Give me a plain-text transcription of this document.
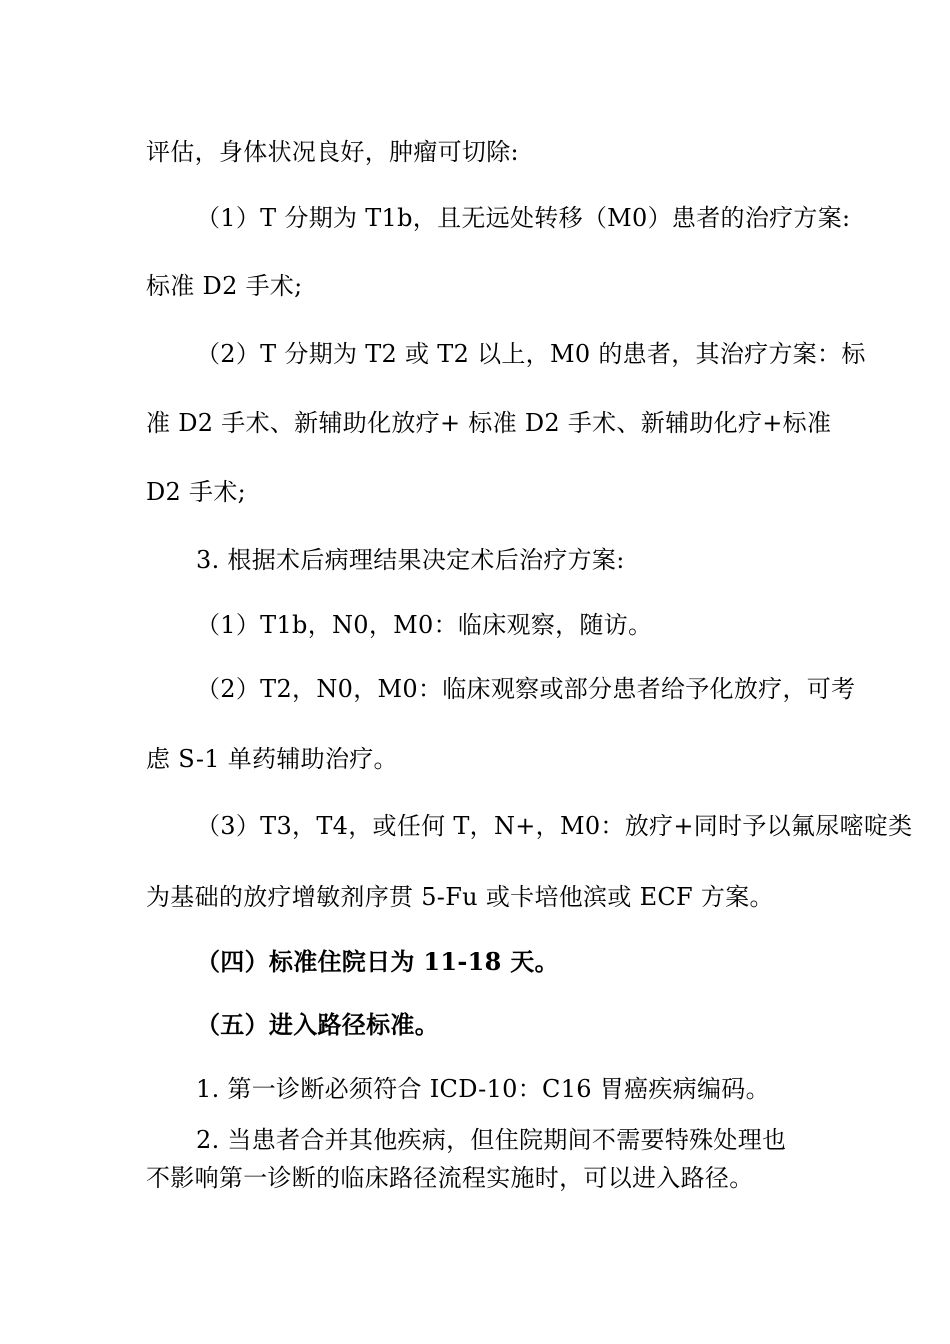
评估，身体状况良好，肿瘤可切除:
（1）T 分期为 T1b，且无远处转移（M0）患者的治疗方案:
标准 D2 手术;
（2）T 分期为 T2 或 T2 以上，M0 的患者，其治疗方案：标
准 D2 手术、新辅助化放疗+ 标准 D2 手术、新辅助化疗+标准
D2 手术;
3. 根据术后病理结果决定术后治疗方案:
（1）T1b，N0，M0：临床观察，随访。
（2）T2，N0，M0：临床观察或部分患者给予化放疗，可考
虑 S-1 单药辅助治疗。
（3）T3，T4，或任何 T，N+，M0：放疗+同时予以氟尿嘧啶类
为基础的放疗增敏剂序贯 5-Fu 或卡培他滨或 ECF 方案。
（四）标准住院日为 11-18 天。
（五）进入路径标准。
1. 第一诊断必须符合 ICD-10：C16 胃癌疾病编码。
2. 当患者合并其他疾病，但住院期间不需要特殊处理也
不影响第一诊断的临床路径流程实施时，可以进入路径。
